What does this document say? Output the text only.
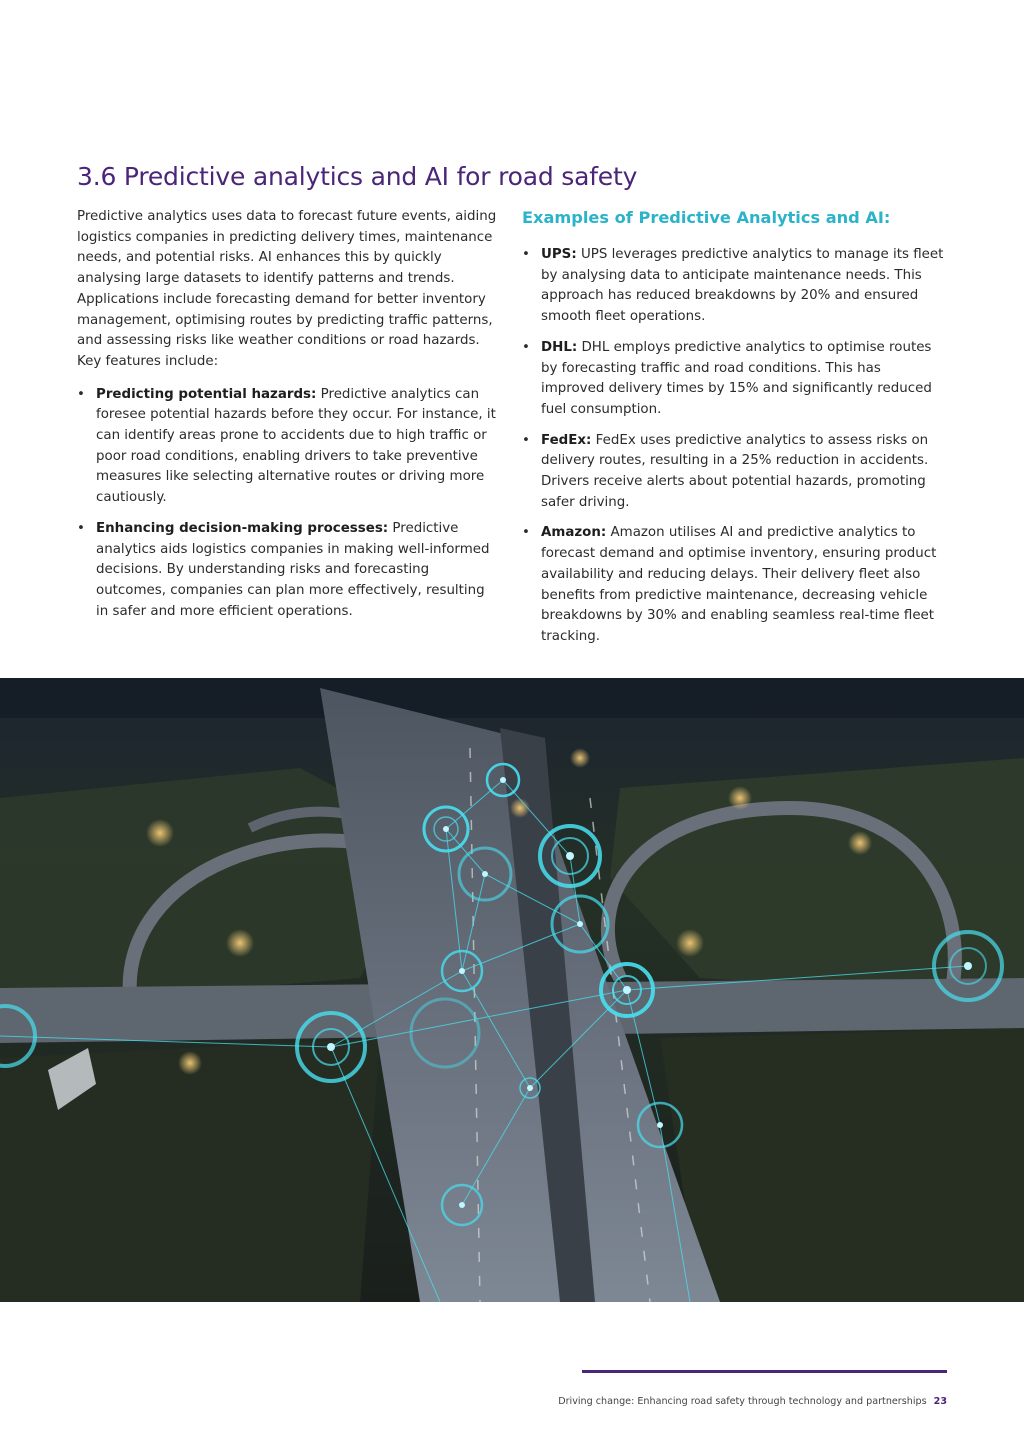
3.6 Predictive analytics and AI for road safety

Predictive analytics uses data to forecast future events, aiding logistics companies in predicting delivery times, maintenance needs, and potential risks. AI enhances this by quickly analysing large datasets to identify patterns and trends. Applications include forecasting demand for better inventory management, optimising routes by predicting traffic patterns, and assessing risks like weather conditions or road hazards. Key features include:

• Predicting potential hazards: Predictive analytics can foresee potential hazards before they occur. For instance, it can identify areas prone to accidents due to high traffic or poor road conditions, enabling drivers to take preventive measures like selecting alternative routes or driving more cautiously.
• Enhancing decision-making processes: Predictive analytics aids logistics companies in making well-informed decisions. By understanding risks and forecasting outcomes, companies can plan more effectively, resulting in safer and more efficient operations.
Examples of Predictive Analytics and AI:
• UPS: UPS leverages predictive analytics to manage its fleet by analysing data to anticipate maintenance needs. This approach has reduced breakdowns by 20% and ensured smooth fleet operations.
• DHL: DHL employs predictive analytics to optimise routes by forecasting traffic and road conditions. This has improved delivery times by 15% and significantly reduced fuel consumption.
• FedEx: FedEx uses predictive analytics to assess risks on delivery routes, resulting in a 25% reduction in accidents. Drivers receive alerts about potential hazards, promoting safer driving.
• Amazon: Amazon utilises AI and predictive analytics to forecast demand and optimise inventory, ensuring product availability and reducing delays. Their delivery fleet also benefits from predictive maintenance, decreasing vehicle breakdowns by 30% and enabling seamless real-time fleet tracking.
Driving change: Enhancing road safety through technology and partnerships 23
